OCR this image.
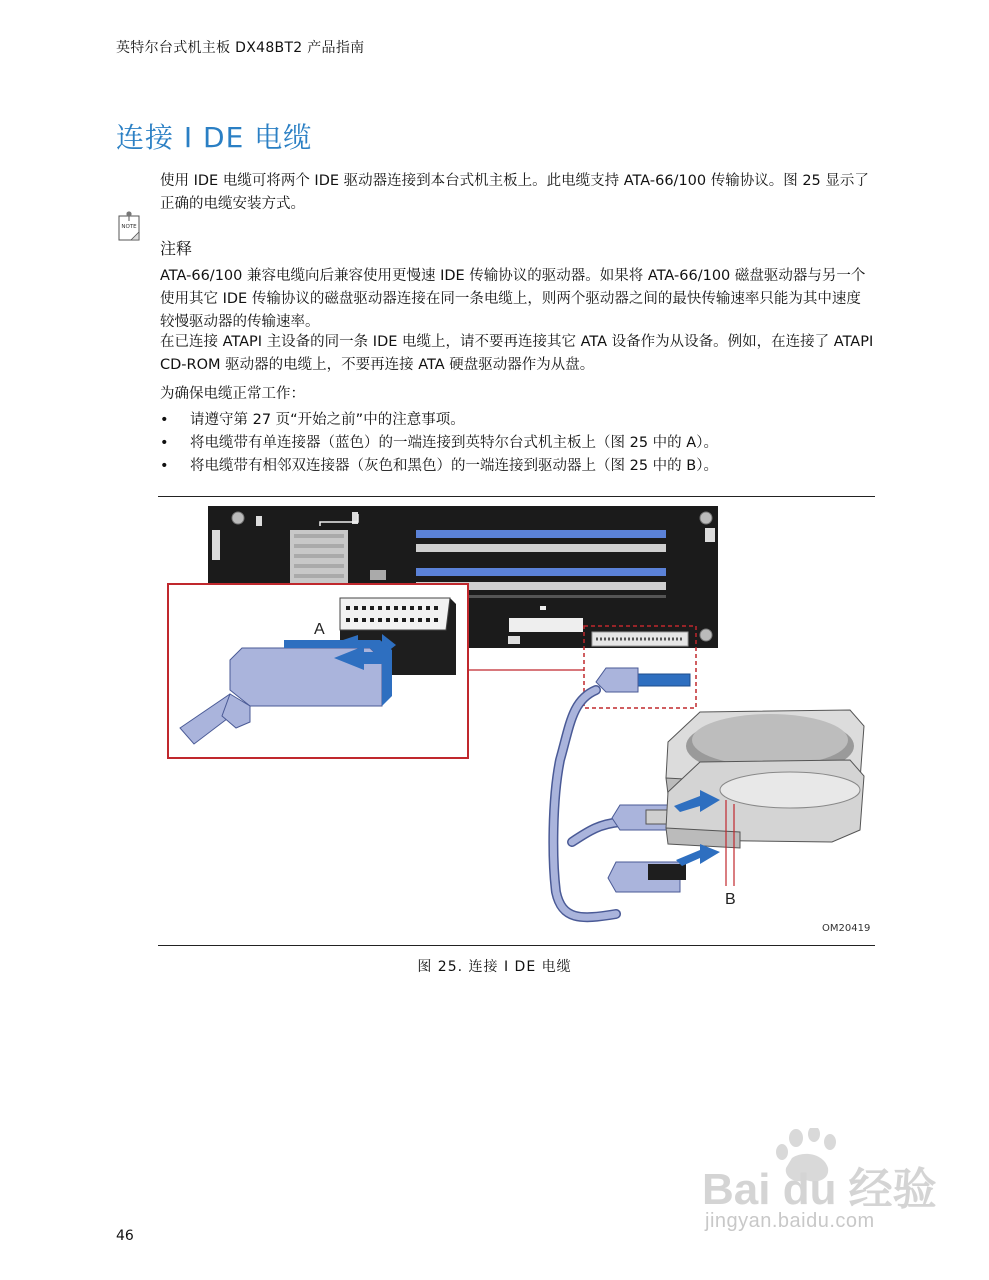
英特尔台式机主板 DX48BT2 产品指南
连接 I DE 电缆
使用 IDE 电缆可将两个 IDE 驱动器连接到本台式机主板上。此电缆支持 ATA-66/100 传输协议。图 25 显示了正确的电缆安装方式。
NOTE
注释
ATA-66/100 兼容电缆向后兼容使用更慢速 IDE 传输协议的驱动器。如果将 ATA-66/100 磁盘驱动器与另一个使用其它 IDE 传输协议的磁盘驱动器连接在同一条电缆上，则两个驱动器之间的最快传输速率只能为其中速度较慢驱动器的传输速率。
在已连接 ATAPI 主设备的同一条 IDE 电缆上，请不要再连接其它 ATA 设备作为从设备。例如，在连接了 ATAPI CD-ROM 驱动器的电缆上，不要再连接 ATA 硬盘驱动器作为从盘。
为确保电缆正常工作：
• 请遵守第 27 页“开始之前”中的注意事项。
• 将电缆带有单连接器（蓝色）的一端连接到英特尔台式机主板上（图 25 中的 A）。
• 将电缆带有相邻双连接器（灰色和黑色）的一端连接到驱动器上（图 25 中的 B）。
A
B
OM20419
图 25. 连接 I DE 电缆
46
Bai du 经验
jingyan.baidu.com
